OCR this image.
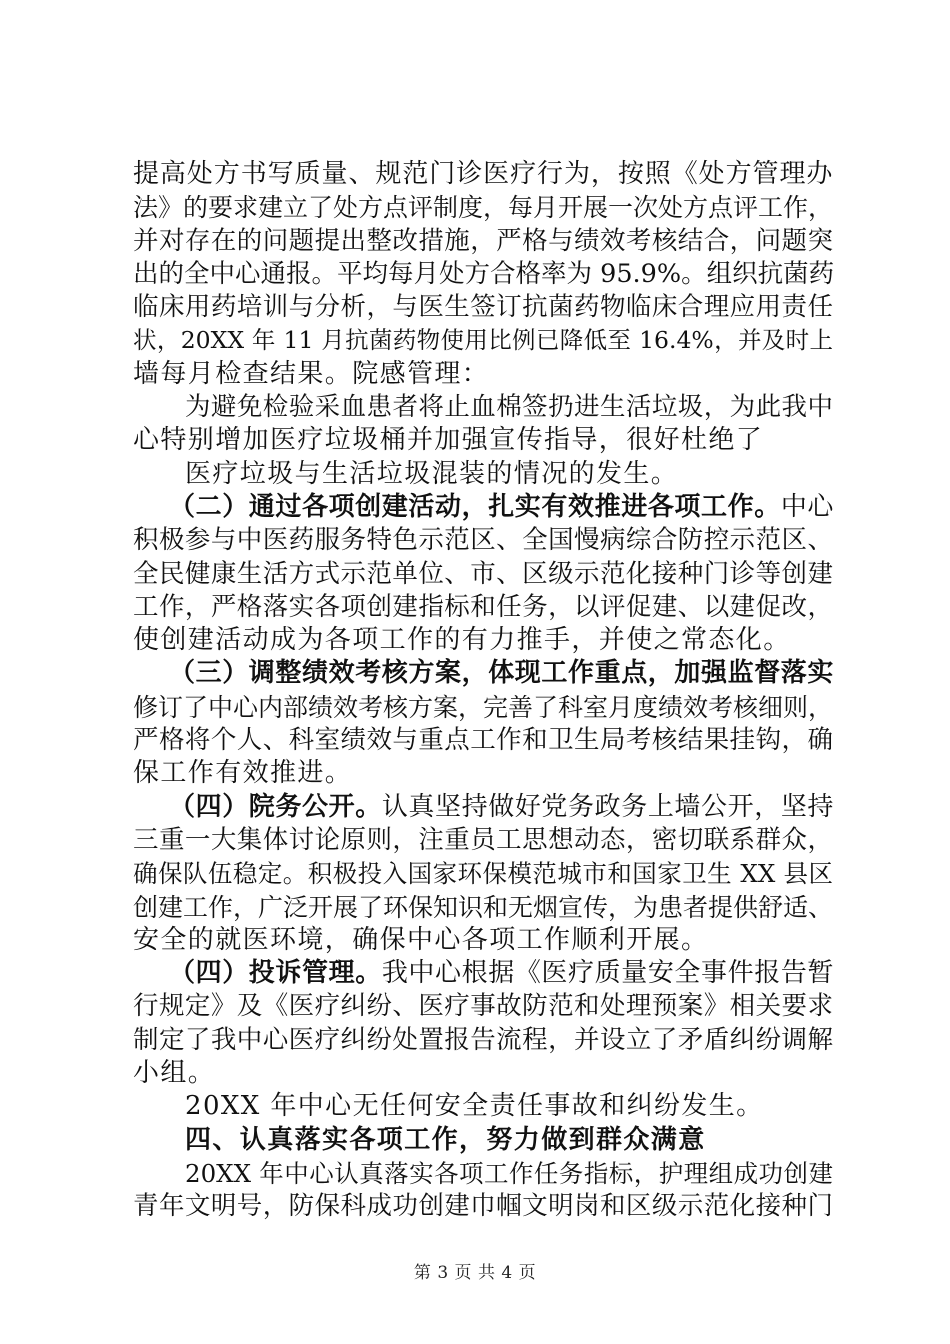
提高处方书写质量、规范门诊医疗行为，按照《处方管理办
法》的要求建立了处方点评制度，每月开展一次处方点评工作，
并对存在的问题提出整改措施，严格与绩效考核结合，问题突
出的全中心通报。平均每月处方合格率为 95.9%。组织抗菌药
临床用药培训与分析，与医生签订抗菌药物临床合理应用责任
状，20XX 年 11 月抗菌药物使用比例已降低至 16.4%，并及时上
墙每月检查结果。院感管理：
为避免检验采血患者将止血棉签扔进生活垃圾，为此我中
心特别增加医疗垃圾桶并加强宣传指导，很好杜绝了
医疗垃圾与生活垃圾混装的情况的发生。
（二）通过各项创建活动，扎实有效推进各项工作。中心
积极参与中医药服务特色示范区、全国慢病综合防控示范区、
全民健康生活方式示范单位、市、区级示范化接种门诊等创建
工作，严格落实各项创建指标和任务，以评促建、以建促改，
使创建活动成为各项工作的有力推手，并使之常态化。
（三）调整绩效考核方案，体现工作重点，加强监督落实
修订了中心内部绩效考核方案，完善了科室月度绩效考核细则，
严格将个人、科室绩效与重点工作和卫生局考核结果挂钩，确
保工作有效推进。
（四）院务公开。认真坚持做好党务政务上墙公开，坚持
三重一大集体讨论原则，注重员工思想动态，密切联系群众，
确保队伍稳定。积极投入国家环保模范城市和国家卫生 XX 县区
创建工作，广泛开展了环保知识和无烟宣传，为患者提供舒适、
安全的就医环境，确保中心各项工作顺利开展。
（四）投诉管理。我中心根据《医疗质量安全事件报告暂
行规定》及《医疗纠纷、医疗事故防范和处理预案》相关要求
制定了我中心医疗纠纷处置报告流程，并设立了矛盾纠纷调解
小组。
20XX 年中心无任何安全责任事故和纠纷发生。
四、认真落实各项工作，努力做到群众满意
20XX 年中心认真落实各项工作任务指标，护理组成功创建
青年文明号，防保科成功创建巾帼文明岗和区级示范化接种门
第 3 页 共 4 页
